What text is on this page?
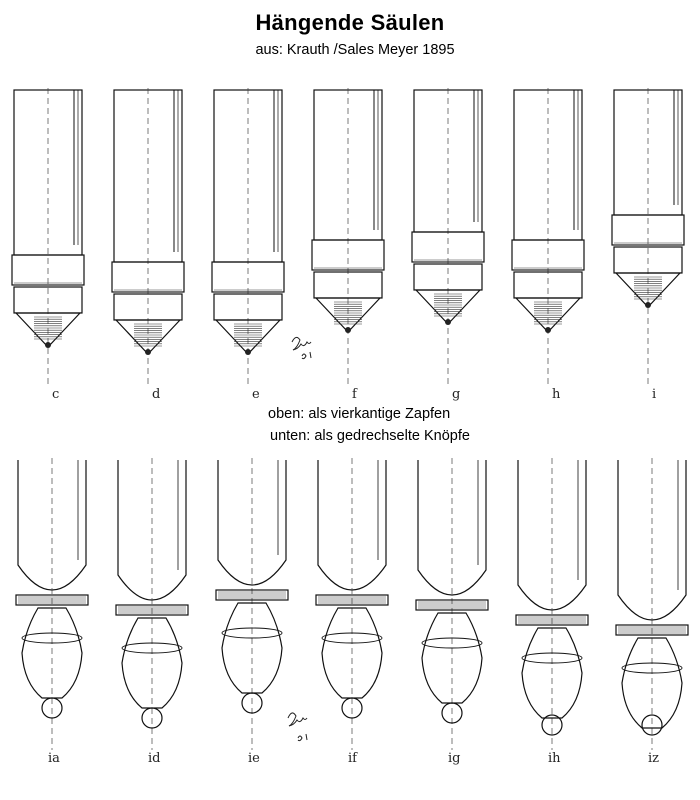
Hängende Säulen
aus: Krauth /Sales Meyer 1895
oben: als vierkantige Zapfen
unten: als gedrechselte Knöpfe
c	d	e	f	g	h	i
ia	id	ie	if	ig	ih	iz
